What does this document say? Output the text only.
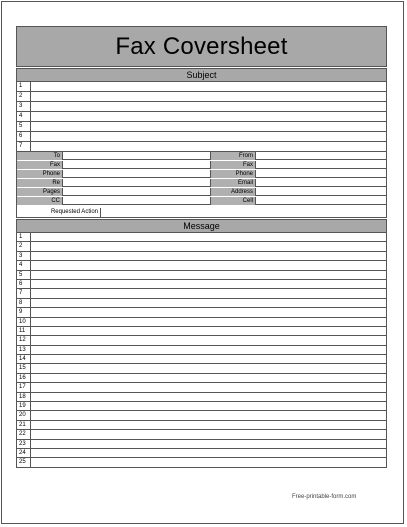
Fax Coversheet
Subject
1
2
3
4
5
6
7
To	From
Fax	Fax
Phone	Phone
Re	Email
Pages	Address
CC	Cell
Requested Action
Message
1
2
3
4
5
6
7
8
9
10
11
12
13
14
15
16
17
18
19
20
21
22
23
24
25
Free-printable-form.com
